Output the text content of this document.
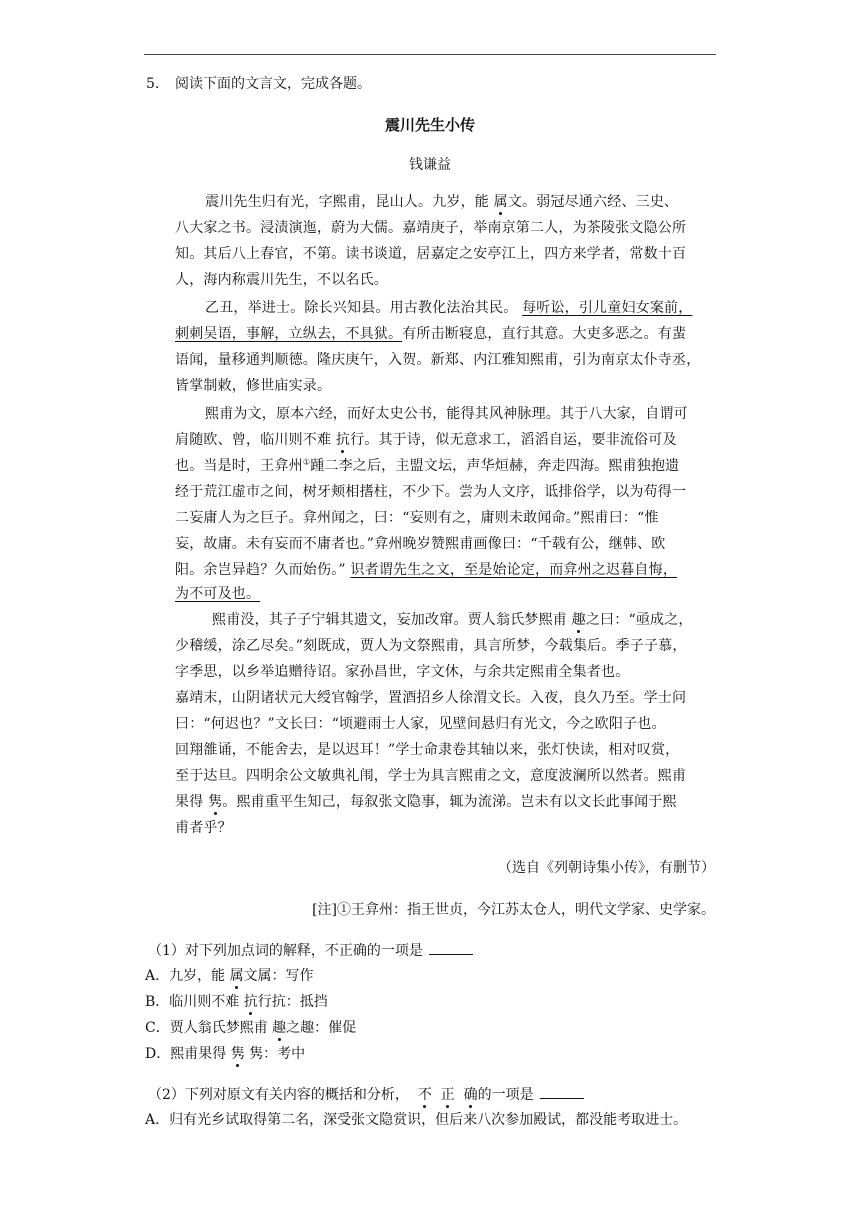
5. 阅读下面的文言文，完成各题。
震川先生小传
钱谦益
震川先生归有光，字熙甫，昆山人。九岁，能 属文。弱冠尽通六经、三史、
八大家之书。浸渍演迤，蔚为大儒。嘉靖庚子，举南京第二人，为茶陵张文隐公所
知。其后八上春官，不第。读书谈道，居嘉定之安亭江上，四方来学者，常数十百
人，海内称震川先生，不以名氏。
乙丑，举进士。除长兴知县。用古教化法治其民。 每听讼，引儿童妇女案前，
刺刺吴语，事解，立纵去，不具狱。有所击断寝息，直行其意。大吏多恶之。有蜚
语闻，量移通判顺德。隆庆庚午，入贺。新郑、内江雅知熙甫，引为南京太仆寺丞，
皆掌制敕，修世庙实录。
熙甫为文，原本六经，而好太史公书，能得其风神脉理。其于八大家，自谓可
肩随欧、曾，临川则不难 抗行。其于诗，似无意求工，滔滔自运，要非流俗可及
也。当是时，王弇州①踵二李之后，主盟文坛，声华烜赫，奔走四海。熙甫独抱遗
经于荒江虚市之间，树牙颊相搘柱，不少下。尝为人文序，诋排俗学，以为苟得一
二妄庸人为之巨子。弇州闻之，曰：“妄则有之，庸则未敢闻命。”熙甫曰：“惟
妄，故庸。未有妄而不庸者也。”弇州晚岁赞熙甫画像曰：“千载有公，继韩、欧
阳。余岂异趋？久而始伤。” 识者谓先生之文，至是始论定，而弇州之迟暮自悔，
为不可及也。
熙甫没，其子子宁辑其遗文，妄加改窜。贾人翁氏梦熙甫 趣之曰：“亟成之，
少稽缓，涂乙尽矣。”刻既成，贾人为文祭熙甫，具言所梦，今载集后。季子子慕，
字季思，以乡举追赠待诏。家孙昌世，字文休，与余共定熙甫全集者也。
嘉靖末，山阴诸状元大绶官翰学，置酒招乡人徐渭文长。入夜，良久乃至。学士问
曰：“何迟也？”文长曰：“顷避雨士人家，见壁间悬归有光文，今之欧阳子也。
回翔雒诵，不能舍去，是以迟耳！”学士命隶卷其轴以来，张灯快读，相对叹赏，
至于达旦。四明余公文敏典礼闱，学士为具言熙甫之文，意度波澜所以然者。熙甫
果得 隽。熙甫重平生知己，每叙张文隐事，辄为流涕。岂未有以文长此事闻于熙
甫者乎？
（选自《列朝诗集小传》，有删节）
[注]①王弇州：指王世贞，今江苏太仓人，明代文学家、史学家。
（1）对下列加点词的解释，不正确的一项是
A．九岁，能 属文属：写作
B．临川则不难 抗行抗：抵挡
C．贾人翁氏梦熙甫 趣之趣：催促
D．熙甫果得 隽 隽：考中
（2）下列对原文有关内容的概括和分析， 不 正 确的一项是
A．归有光乡试取得第二名，深受张文隐赏识，但后来八次参加殿试，都没能考取进士。
